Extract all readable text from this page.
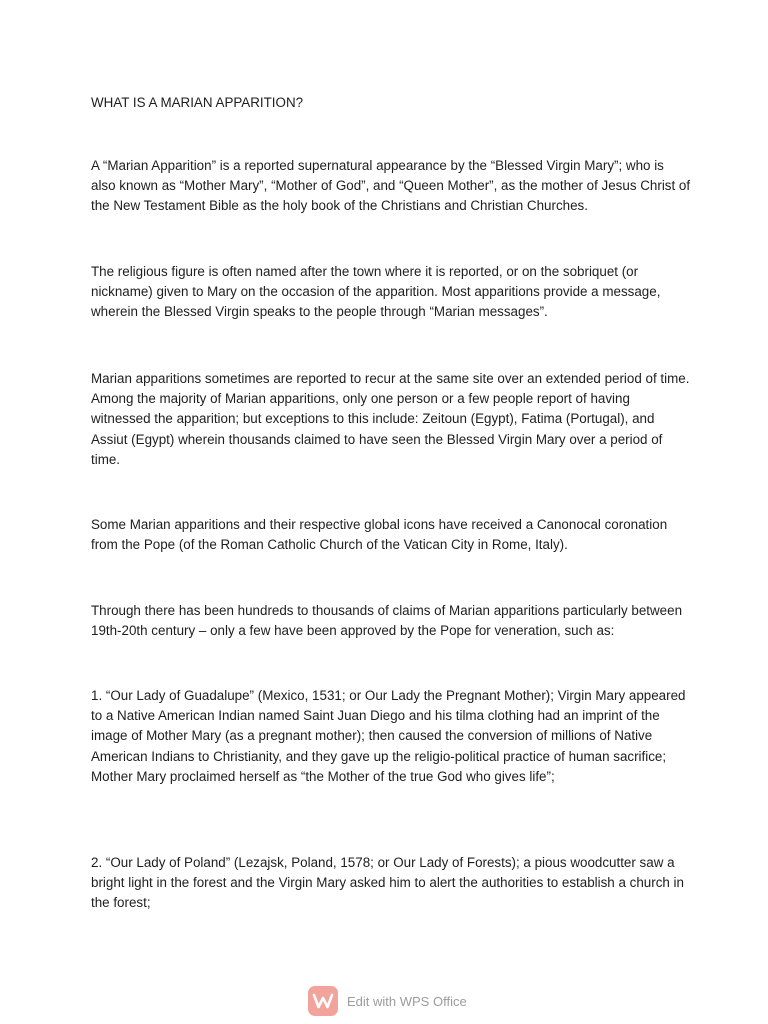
WHAT IS A MARIAN APPARITION?

A “Marian Apparition” is a reported supernatural appearance by the “Blessed Virgin Mary”; who is also known as “Mother Mary”, “Mother of God”, and “Queen Mother”, as the mother of Jesus Christ of the New Testament Bible as the holy book of the Christians and Christian Churches.

The religious figure is often named after the town where it is reported, or on the sobriquet (or nickname) given to Mary on the occasion of the apparition. Most apparitions provide a message, wherein the Blessed Virgin speaks to the people through “Marian messages”.

Marian apparitions sometimes are reported to recur at the same site over an extended period of time. Among the majority of Marian apparitions, only one person or a few people report of having witnessed the apparition; but exceptions to this include: Zeitoun (Egypt), Fatima (Portugal), and Assiut (Egypt) wherein thousands claimed to have seen the Blessed Virgin Mary over a period of time.

Some Marian apparitions and their respective global icons have received a Canonocal coronation from the Pope (of the Roman Catholic Church of the Vatican City in Rome, Italy).

Through there has been hundreds to thousands of claims of Marian apparitions particularly between 19th-20th century – only a few have been approved by the Pope for veneration, such as:

1. “Our Lady of Guadalupe” (Mexico, 1531; or Our Lady the Pregnant Mother); Virgin Mary appeared to a Native American Indian named Saint Juan Diego and his tilma clothing had an imprint of the image of Mother Mary (as a pregnant mother); then caused the conversion of millions of Native American Indians to Christianity, and they gave up the religio-political practice of human sacrifice; Mother Mary proclaimed herself as “the Mother of the true God who gives life”;

2. “Our Lady of Poland” (Lezajsk, Poland, 1578; or Our Lady of Forests); a pious woodcutter saw a bright light in the forest and the Virgin Mary asked him to alert the authorities to establish a church in the forest;

Edit with WPS Office
